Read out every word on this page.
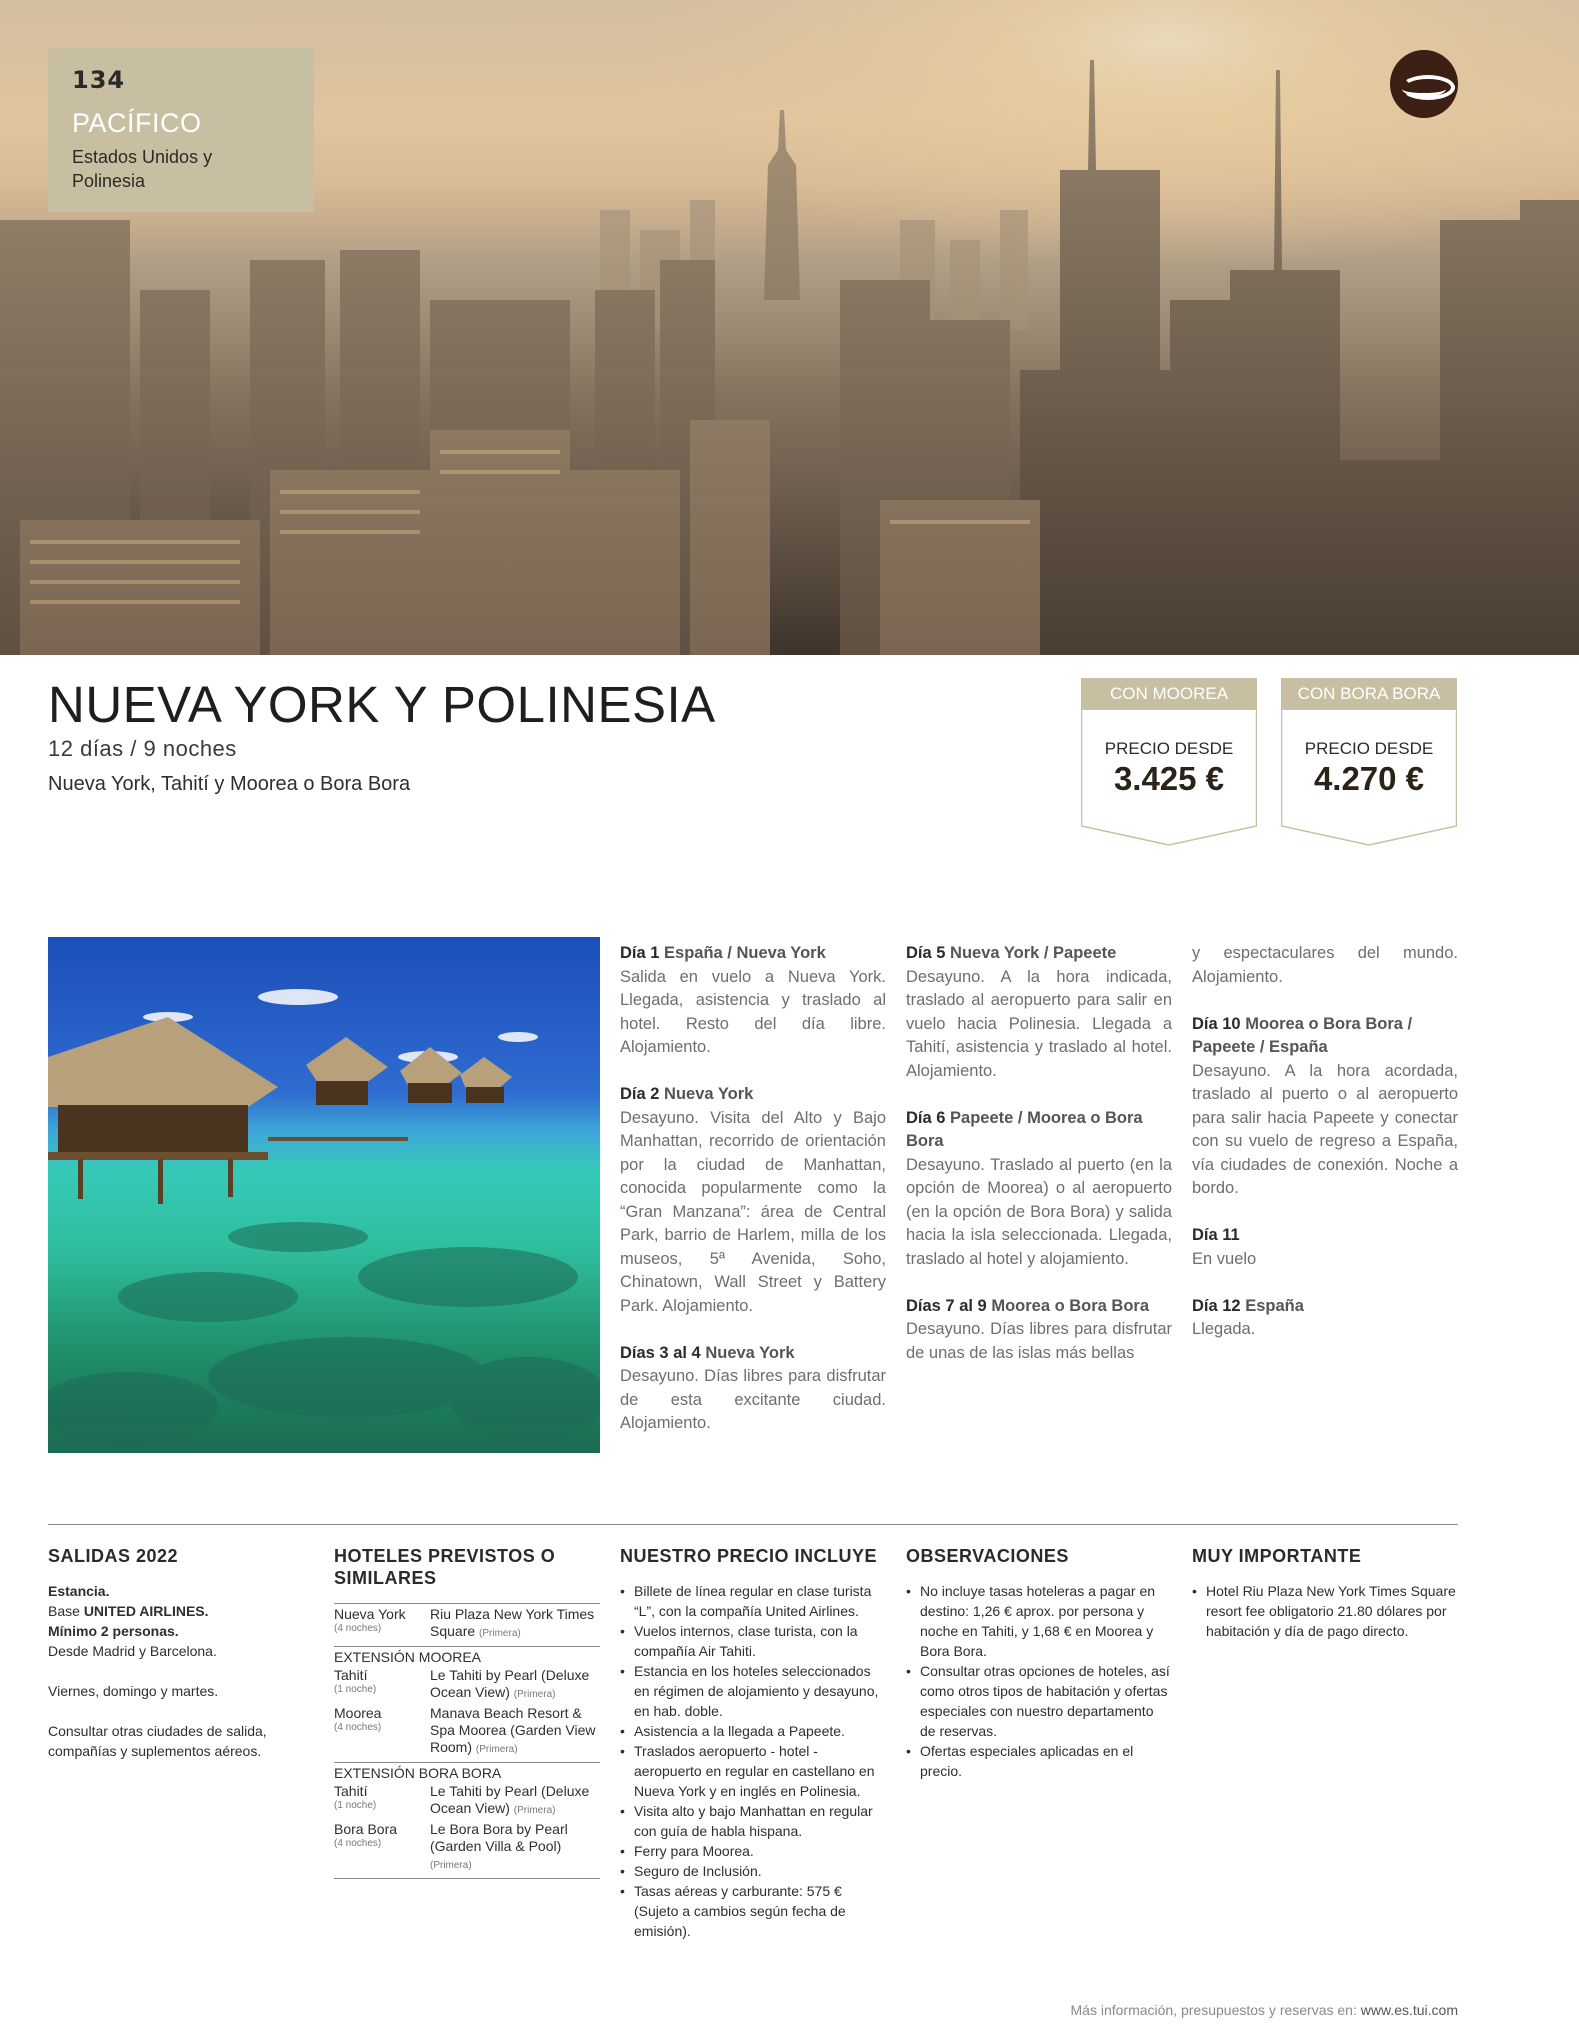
134
PACÍFICO
Estados Unidos y Polinesia
NUEVA YORK Y POLINESIA
12 días / 9 noches
Nueva York, Tahití y Moorea o Bora Bora
CON MOOREA
PRECIO DESDE
3.425 €
CON BORA BORA
PRECIO DESDE
4.270 €
Día 1 España / Nueva York
Salida en vuelo a Nueva York. Llegada, asistencia y traslado al hotel. Resto del día libre. Alojamiento.
Día 2 Nueva York
Desayuno. Visita del Alto y Bajo Manhattan, recorrido de orientación por la ciudad de Manhattan, conocida popularmente como la “Gran Manzana”: área de Central Park, barrio de Harlem, milla de los museos, 5ª Avenida, Soho, Chinatown, Wall Street y Battery Park. Alojamiento.
Días 3 al 4 Nueva York
Desayuno. Días libres para disfrutar de esta excitante ciudad. Alojamiento.
Día 5 Nueva York / Papeete
Desayuno. A la hora indicada, traslado al aeropuerto para salir en vuelo hacia Polinesia. Llegada a Tahití, asistencia y traslado al hotel. Alojamiento.
Día 6 Papeete / Moorea o Bora Bora
Desayuno. Traslado al puerto (en la opción de Moorea) o al aeropuerto (en la opción de Bora Bora) y salida hacia la isla seleccionada. Llegada, traslado al hotel y alojamiento.
Días 7 al 9 Moorea o Bora Bora
Desayuno. Días libres para disfrutar de unas de las islas más bellas
y espectaculares del mundo. Alojamiento.
Día 10 Moorea o Bora Bora / Papeete / España
Desayuno. A la hora acordada, traslado al puerto o al aeropuerto para salir hacia Papeete y conectar con su vuelo de regreso a España, vía ciudades de conexión. Noche a bordo.
Día 11
En vuelo
Día 12 España
Llegada.
SALIDAS 2022
Estancia.
Base UNITED AIRLINES.
Mínimo 2 personas.

Desde Madrid y Barcelona.

Viernes, domingo y martes.

Consultar otras ciudades de salida, compañías y suplementos aéreos.

HOTELES PREVISTOS O SIMILARES
Nueva York
(4 noches)
Riu Plaza New York Times Square (Primera)
EXTENSIÓN MOOREA
Tahití
(1 noche)
Le Tahiti by Pearl (Deluxe Ocean View) (Primera)
Moorea
(4 noches)
Manava Beach Resort & Spa Moorea (Garden View Room) (Primera)
EXTENSIÓN BORA BORA
Tahití
(1 noche)
Le Tahiti by Pearl (Deluxe Ocean View) (Primera)
Bora Bora
(4 noches)
Le Bora Bora by Pearl (Garden Villa & Pool) (Primera)
NUESTRO PRECIO INCLUYE
• Billete de línea regular en clase turista “L”, con la compañía United Airlines.
• Vuelos internos, clase turista, con la compañía Air Tahiti.
• Estancia en los hoteles seleccionados en régimen de alojamiento y desayuno, en hab. doble.
• Asistencia a la llegada a Papeete.
• Traslados aeropuerto - hotel - aeropuerto en regular en castellano en Nueva York y en inglés en Polinesia.
• Visita alto y bajo Manhattan en regular con guía de habla hispana.
• Ferry para Moorea.
• Seguro de Inclusión.
• Tasas aéreas y carburante: 575 € (Sujeto a cambios según fecha de emisión).
OBSERVACIONES
• No incluye tasas hoteleras a pagar en destino: 1,26 € aprox. por persona y noche en Tahiti, y 1,68 € en Moorea y Bora Bora.
• Consultar otras opciones de hoteles, así como otros tipos de habitación y ofertas especiales con nuestro departamento de reservas.
• Ofertas especiales aplicadas en el precio.
MUY IMPORTANTE
• Hotel Riu Plaza New York Times Square resort fee obligatorio 21.80 dólares por habitación y día de pago directo.
Más información, presupuestos y reservas en: www.es.tui.com
